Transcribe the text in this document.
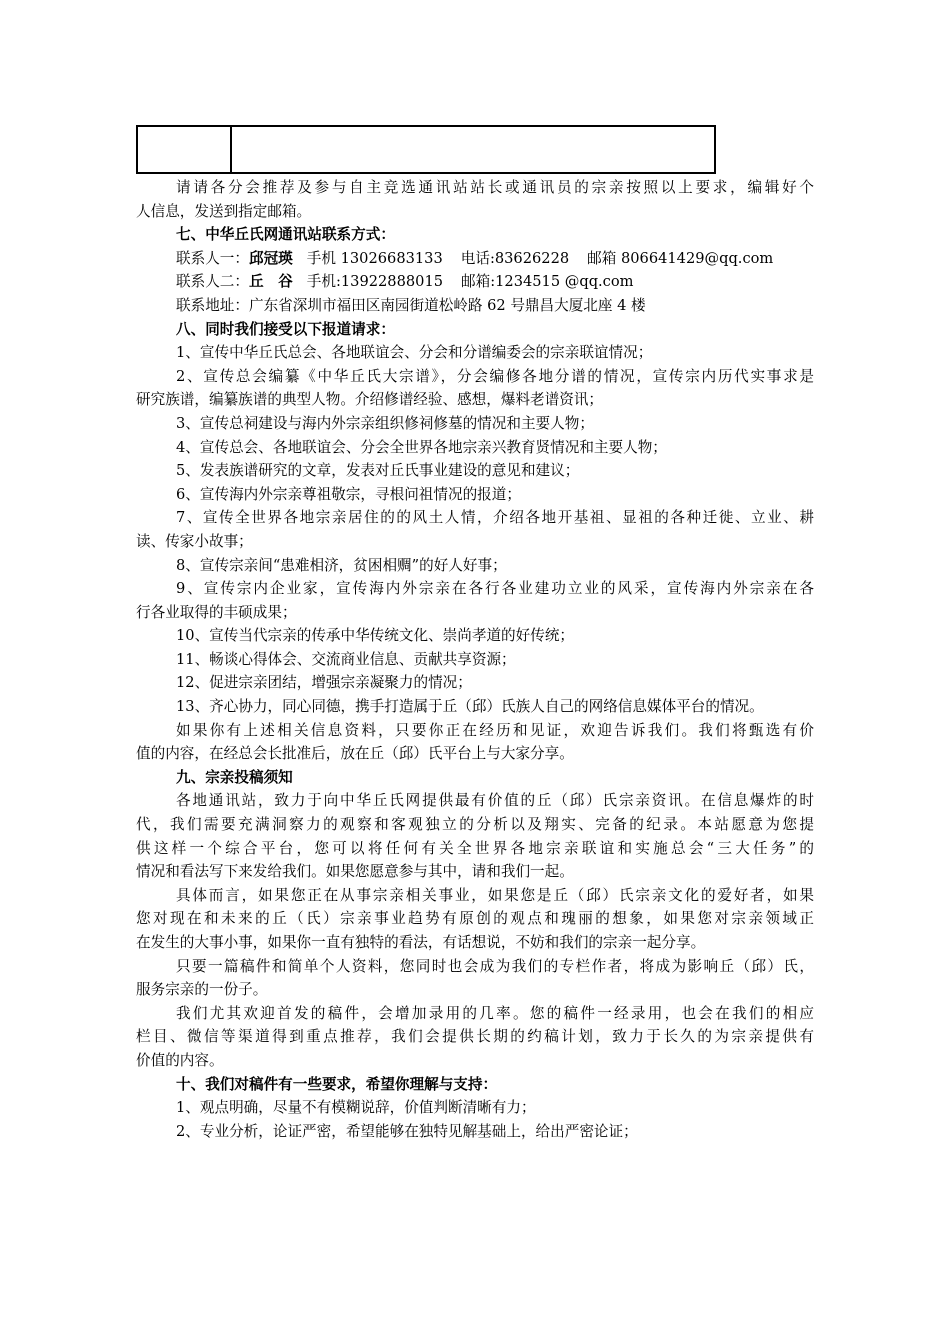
请请各分会推荐及参与自主竞选通讯站站长或通讯员的宗亲按照以上要求，编辑好个
人信息，发送到指定邮箱。
七、中华丘氏网通讯站联系方式：
联系人一：邱冠瑛 手机 13026683133 电话:83626228 邮箱 806641429@qq.com
联系人二：丘　谷 手机:13922888015 邮箱:1234515 @qq.com
联系地址：广东省深圳市福田区南园街道松岭路 62 号鼎昌大厦北座 4 楼
八、同时我们接受以下报道请求：
1、宣传中华丘氏总会、各地联谊会、分会和分谱编委会的宗亲联谊情况；
2、宣传总会编纂《中华丘氏大宗谱》，分会编修各地分谱的情况，宣传宗内历代实事求是
研究族谱，编纂族谱的典型人物。介绍修谱经验、感想，爆料老谱资讯；
3、宣传总祠建设与海内外宗亲组织修祠修墓的情况和主要人物；
4、宣传总会、各地联谊会、分会全世界各地宗亲兴教育贤情况和主要人物；
5、发表族谱研究的文章，发表对丘氏事业建设的意见和建议；
6、宣传海内外宗亲尊祖敬宗，寻根问祖情况的报道；
7、宣传全世界各地宗亲居住的的风土人情，介绍各地开基祖、显祖的各种迁徙、立业、耕
读、传家小故事；
8、宣传宗亲间“患难相济，贫困相赒”的好人好事；
9、宣传宗内企业家，宣传海内外宗亲在各行各业建功立业的风采，宣传海内外宗亲在各
行各业取得的丰硕成果；
10、宣传当代宗亲的传承中华传统文化、崇尚孝道的好传统；
11、畅谈心得体会、交流商业信息、贡献共享资源；
12、促进宗亲团结，增强宗亲凝聚力的情况；
13、齐心协力，同心同德，携手打造属于丘（邱）氏族人自己的网络信息媒体平台的情况。
如果你有上述相关信息资料，只要你正在经历和见证，欢迎告诉我们。我们将甄选有价
值的内容，在经总会长批准后，放在丘（邱）氏平台上与大家分享。
九、宗亲投稿须知
各地通讯站，致力于向中华丘氏网提供最有价值的丘（邱）氏宗亲资讯。在信息爆炸的时
代，我们需要充满洞察力的观察和客观独立的分析以及翔实、完备的纪录。本站愿意为您提
供这样一个综合平台，您可以将任何有关全世界各地宗亲联谊和实施总会“三大任务”的
情况和看法写下来发给我们。如果您愿意参与其中，请和我们一起。
具体而言，如果您正在从事宗亲相关事业，如果您是丘（邱）氏宗亲文化的爱好者，如果
您对现在和未来的丘（氏）宗亲事业趋势有原创的观点和瑰丽的想象，如果您对宗亲领域正
在发生的大事小事，如果你一直有独特的看法，有话想说，不妨和我们的宗亲一起分享。
只要一篇稿件和简单个人资料，您同时也会成为我们的专栏作者，将成为影响丘（邱）氏，
服务宗亲的一份子。
我们尤其欢迎首发的稿件，会增加录用的几率。您的稿件一经录用，也会在我们的相应
栏目、微信等渠道得到重点推荐，我们会提供长期的约稿计划，致力于长久的为宗亲提供有
价值的内容。
十、我们对稿件有一些要求，希望你理解与支持：
1、观点明确，尽量不有模糊说辞，价值判断清晰有力；
2、专业分析，论证严密，希望能够在独特见解基础上，给出严密论证；
